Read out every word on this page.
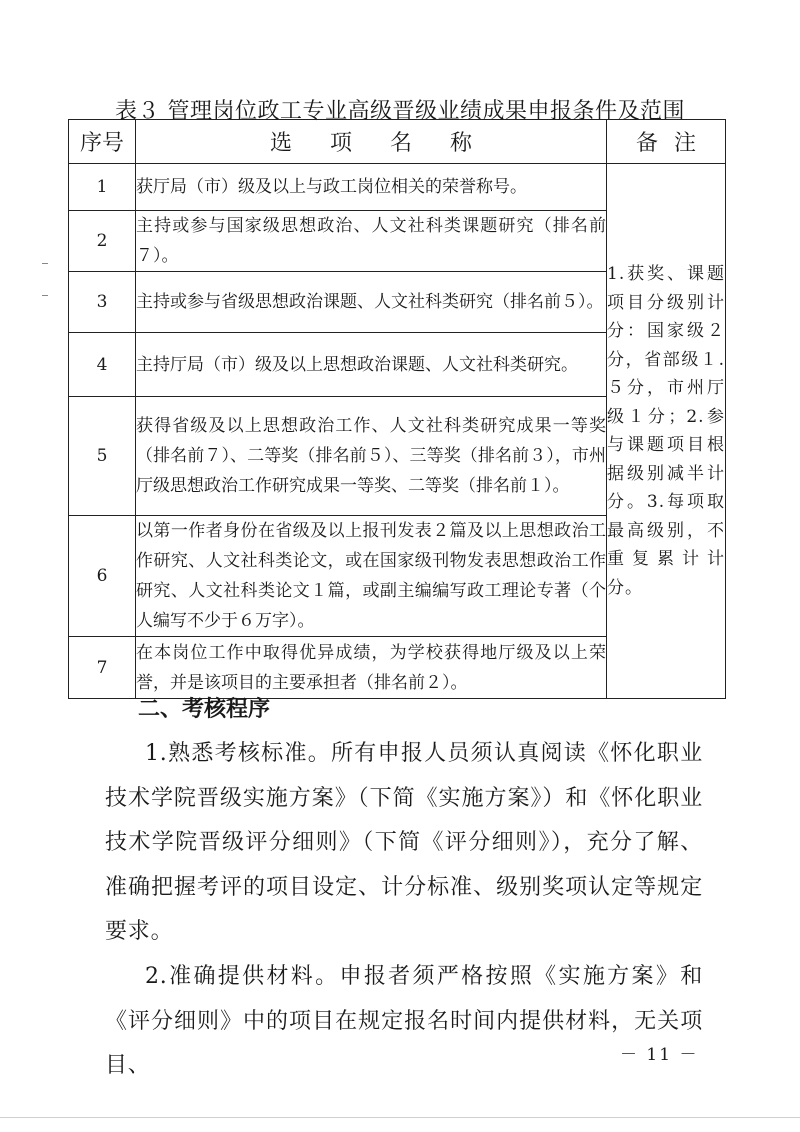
表３ 管理岗位政工专业高级晋级业绩成果申报条件及范围
序号	选项名称	备注
1	获厅局（市）级及以上与政工岗位相关的荣誉称号。	1.获奖、课题项目分级别计分：国家级２分，省部级１.５分，市州厅级１分；2.参与课题项目根据级别减半计分。3.每项取最高级别，不重复累计计分。
2	主持或参与国家级思想政治、人文社科类课题研究（排名前７）。	
3	主持或参与省级思想政治课题、人文社科类研究（排名前５）。	
4	主持厅局（市）级及以上思想政治课题、人文社科类研究。	
5	获得省级及以上思想政治工作、人文社科类研究成果一等奖（排名前７）、二等奖（排名前５）、三等奖（排名前３），市州厅级思想政治工作研究成果一等奖、二等奖（排名前１）。	
6	以第一作者身份在省级及以上报刊发表２篇及以上思想政治工作研究、人文社科类论文，或在国家级刊物发表思想政治工作研究、人文社科类论文１篇，或副主编编写政工理论专著（个人编写不少于６万字）。	
7	在本岗位工作中取得优异成绩，为学校获得地厅级及以上荣誉，并是该项目的主要承担者（排名前２）。	
二、考核程序
1.熟悉考核标准。所有申报人员须认真阅读《怀化职业技术学院晋级实施方案》（下简《实施方案》）和《怀化职业技术学院晋级评分细则》（下简《评分细则》），充分了解、准确把握考评的项目设定、计分标准、级别奖项认定等规定要求。
2.准确提供材料。申报者须严格按照《实施方案》和《评分细则》中的项目在规定报名时间内提供材料，无关项目、	－ 11 －
